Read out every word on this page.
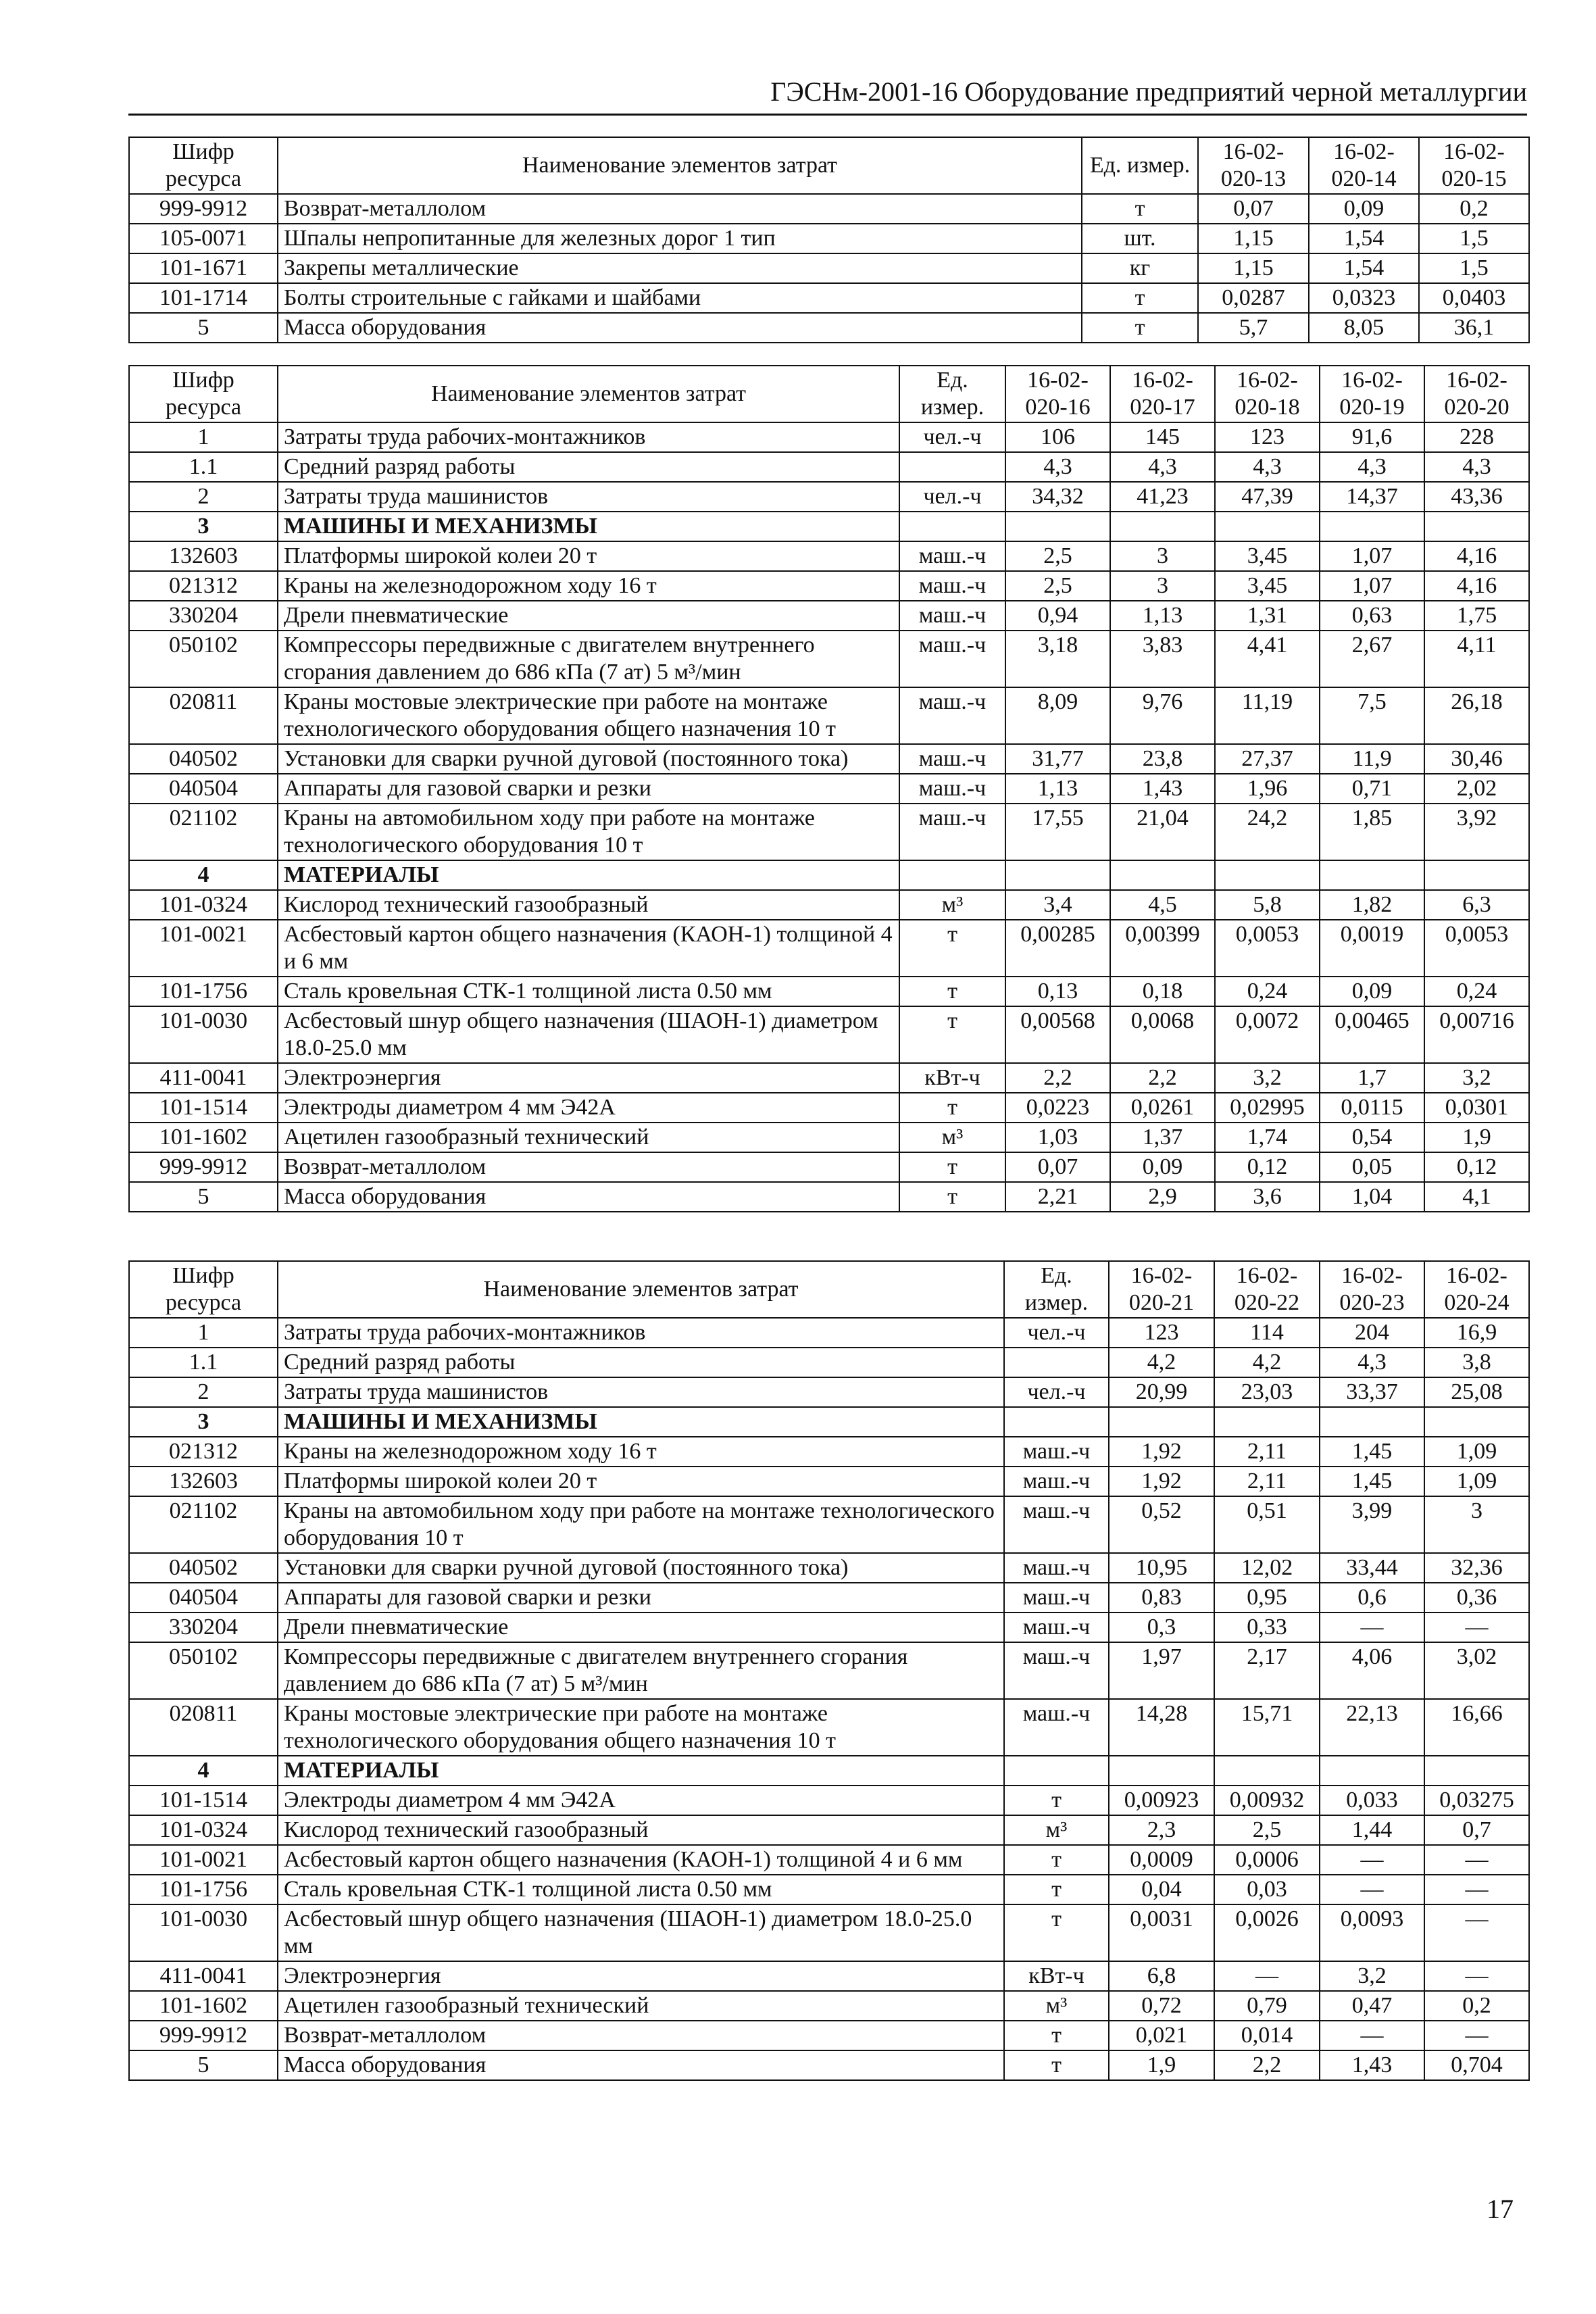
ГЭСНм-2001-16 Оборудование предприятий черной металлургии
Шифр ресурса	Наименование элементов затрат	Ед. измер.	16-02-020-13	16-02-020-14	16-02-020-15
999-9912	Возврат-металлолом	т	0,07	0,09	0,2
105-0071	Шпалы непропитанные для железных дорог 1 тип	шт.	1,15	1,54	1,5
101-1671	Закрепы металлические	кг	1,15	1,54	1,5
101-1714	Болты строительные с гайками и шайбами	т	0,0287	0,0323	0,0403
5	Масса оборудования	т	5,7	8,05	36,1
Шифр ресурса	Наименование элементов затрат	Ед. измер.	16-02-020-16	16-02-020-17	16-02-020-18	16-02-020-19	16-02-020-20
1	Затраты труда рабочих-монтажников	чел.-ч	106	145	123	91,6	228
1.1	Средний разряд работы		4,3	4,3	4,3	4,3	4,3
2	Затраты труда машинистов	чел.-ч	34,32	41,23	47,39	14,37	43,36
3	МАШИНЫ И МЕХАНИЗМЫ						
132603	Платформы широкой колеи 20 т	маш.-ч	2,5	3	3,45	1,07	4,16
021312	Краны на железнодорожном ходу 16 т	маш.-ч	2,5	3	3,45	1,07	4,16
330204	Дрели пневматические	маш.-ч	0,94	1,13	1,31	0,63	1,75
050102	Компрессоры передвижные с двигателем внутреннего сгорания давлением до 686 кПа (7 ат) 5 м³/мин	маш.-ч	3,18	3,83	4,41	2,67	4,11
020811	Краны мостовые электрические при работе на монтаже технологического оборудования общего назначения 10 т	маш.-ч	8,09	9,76	11,19	7,5	26,18
040502	Установки для сварки ручной дуговой (постоянного тока)	маш.-ч	31,77	23,8	27,37	11,9	30,46
040504	Аппараты для газовой сварки и резки	маш.-ч	1,13	1,43	1,96	0,71	2,02
021102	Краны на автомобильном ходу при работе на монтаже технологического оборудования 10 т	маш.-ч	17,55	21,04	24,2	1,85	3,92
4	МАТЕРИАЛЫ						
101-0324	Кислород технический газообразный	м³	3,4	4,5	5,8	1,82	6,3
101-0021	Асбестовый картон общего назначения (КАОН-1) толщиной 4 и 6 мм	т	0,00285	0,00399	0,0053	0,0019	0,0053
101-1756	Сталь кровельная СТК-1 толщиной листа 0.50 мм	т	0,13	0,18	0,24	0,09	0,24
101-0030	Асбестовый шнур общего назначения (ШАОН-1) диаметром 18.0-25.0 мм	т	0,00568	0,0068	0,0072	0,00465	0,00716
411-0041	Электроэнергия	кВт-ч	2,2	2,2	3,2	1,7	3,2
101-1514	Электроды диаметром 4 мм Э42А	т	0,0223	0,0261	0,02995	0,0115	0,0301
101-1602	Ацетилен газообразный технический	м³	1,03	1,37	1,74	0,54	1,9
999-9912	Возврат-металлолом	т	0,07	0,09	0,12	0,05	0,12
5	Масса оборудования	т	2,21	2,9	3,6	1,04	4,1
Шифр ресурса	Наименование элементов затрат	Ед. измер.	16-02-020-21	16-02-020-22	16-02-020-23	16-02-020-24
1	Затраты труда рабочих-монтажников	чел.-ч	123	114	204	16,9
1.1	Средний разряд работы		4,2	4,2	4,3	3,8
2	Затраты труда машинистов	чел.-ч	20,99	23,03	33,37	25,08
3	МАШИНЫ И МЕХАНИЗМЫ					
021312	Краны на железнодорожном ходу 16 т	маш.-ч	1,92	2,11	1,45	1,09
132603	Платформы широкой колеи 20 т	маш.-ч	1,92	2,11	1,45	1,09
021102	Краны на автомобильном ходу при работе на монтаже технологического оборудования 10 т	маш.-ч	0,52	0,51	3,99	3
040502	Установки для сварки ручной дуговой (постоянного тока)	маш.-ч	10,95	12,02	33,44	32,36
040504	Аппараты для газовой сварки и резки	маш.-ч	0,83	0,95	0,6	0,36
330204	Дрели пневматические	маш.-ч	0,3	0,33	—	—
050102	Компрессоры передвижные с двигателем внутреннего сгорания давлением до 686 кПа (7 ат) 5 м³/мин	маш.-ч	1,97	2,17	4,06	3,02
020811	Краны мостовые электрические при работе на монтаже технологического оборудования общего назначения 10 т	маш.-ч	14,28	15,71	22,13	16,66
4	МАТЕРИАЛЫ					
101-1514	Электроды диаметром 4 мм Э42А	т	0,00923	0,00932	0,033	0,03275
101-0324	Кислород технический газообразный	м³	2,3	2,5	1,44	0,7
101-0021	Асбестовый картон общего назначения (КАОН-1) толщиной 4 и 6 мм	т	0,0009	0,0006	—	—
101-1756	Сталь кровельная СТК-1 толщиной листа 0.50 мм	т	0,04	0,03	—	—
101-0030	Асбестовый шнур общего назначения (ШАОН-1) диаметром 18.0-25.0 мм	т	0,0031	0,0026	0,0093	—
411-0041	Электроэнергия	кВт-ч	6,8	—	3,2	—
101-1602	Ацетилен газообразный технический	м³	0,72	0,79	0,47	0,2
999-9912	Возврат-металлолом	т	0,021	0,014	—	—
5	Масса оборудования	т	1,9	2,2	1,43	0,704
17
